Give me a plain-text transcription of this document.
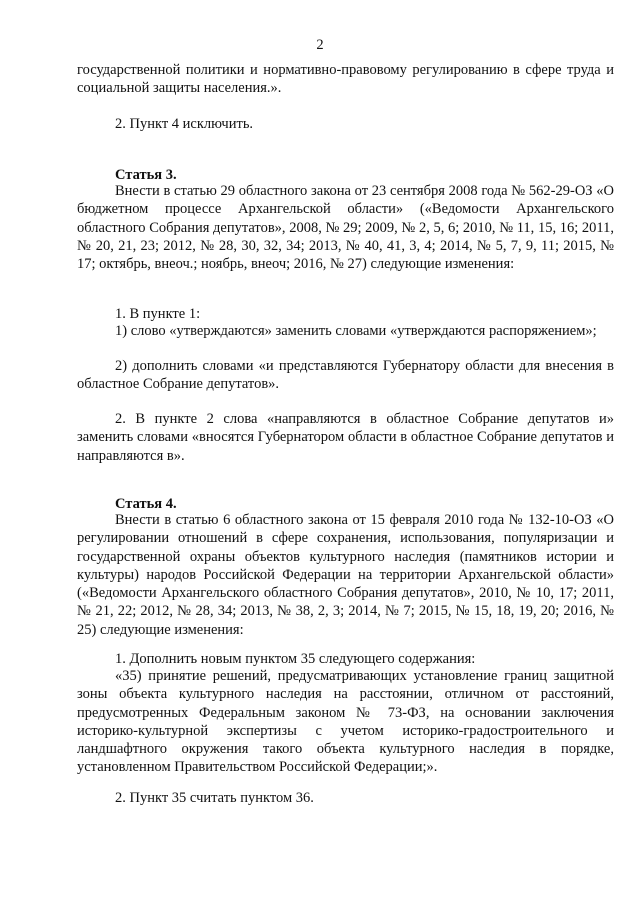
2

государственной политики и нормативно-правовому регулированию в сфере труда и социальной защиты населения.».

2. Пункт 4 исключить.

Статья 3.

Внести в статью 29 областного закона от 23 сентября 2008 года № 562-29-ОЗ «О бюджетном процессе Архангельской области» («Ведомости Архангельского областного Собрания депутатов», 2008, № 29; 2009, № 2, 5, 6; 2010, № 11, 15, 16; 2011, № 20, 21, 23; 2012, № 28, 30, 32, 34; 2013, № 40, 41, 3, 4; 2014, № 5, 7, 9, 11; 2015, № 17; октябрь, внеоч.; ноябрь, внеоч; 2016, № 27) следующие изменения:

1. В пункте 1:

1) слово «утверждаются» заменить словами «утверждаются распоряжением»;

2) дополнить словами «и представляются Губернатору области для внесения в областное Собрание депутатов».

2. В пункте 2 слова «направляются в областное Собрание депутатов и» заменить словами «вносятся Губернатором области в областное Собрание депутатов и направляются в».

Статья 4.

Внести в статью 6 областного закона от 15 февраля 2010 года № 132-10-ОЗ «О регулировании отношений в сфере сохранения, использования, популяризации и государственной охраны объектов культурного наследия (памятников истории и культуры) народов Российской Федерации на территории Архангельской области» («Ведомости Архангельского областного Собрания депутатов», 2010, № 10, 17; 2011, № 21, 22; 2012, № 28, 34; 2013, № 38, 2, 3; 2014, № 7; 2015, № 15, 18, 19, 20; 2016, № 25) следующие изменения:

1. Дополнить новым пунктом 35 следующего содержания:

«35) принятие решений, предусматривающих установление границ защитной зоны объекта культурного наследия на расстоянии, отличном от расстояний, предусмотренных Федеральным законом № 73-ФЗ, на основании заключения историко-культурной экспертизы с учетом историко-градостроительного и ландшафтного окружения такого объекта культурного наследия в порядке, установленном Правительством Российской Федерации;».

2. Пункт 35 считать пунктом 36.
